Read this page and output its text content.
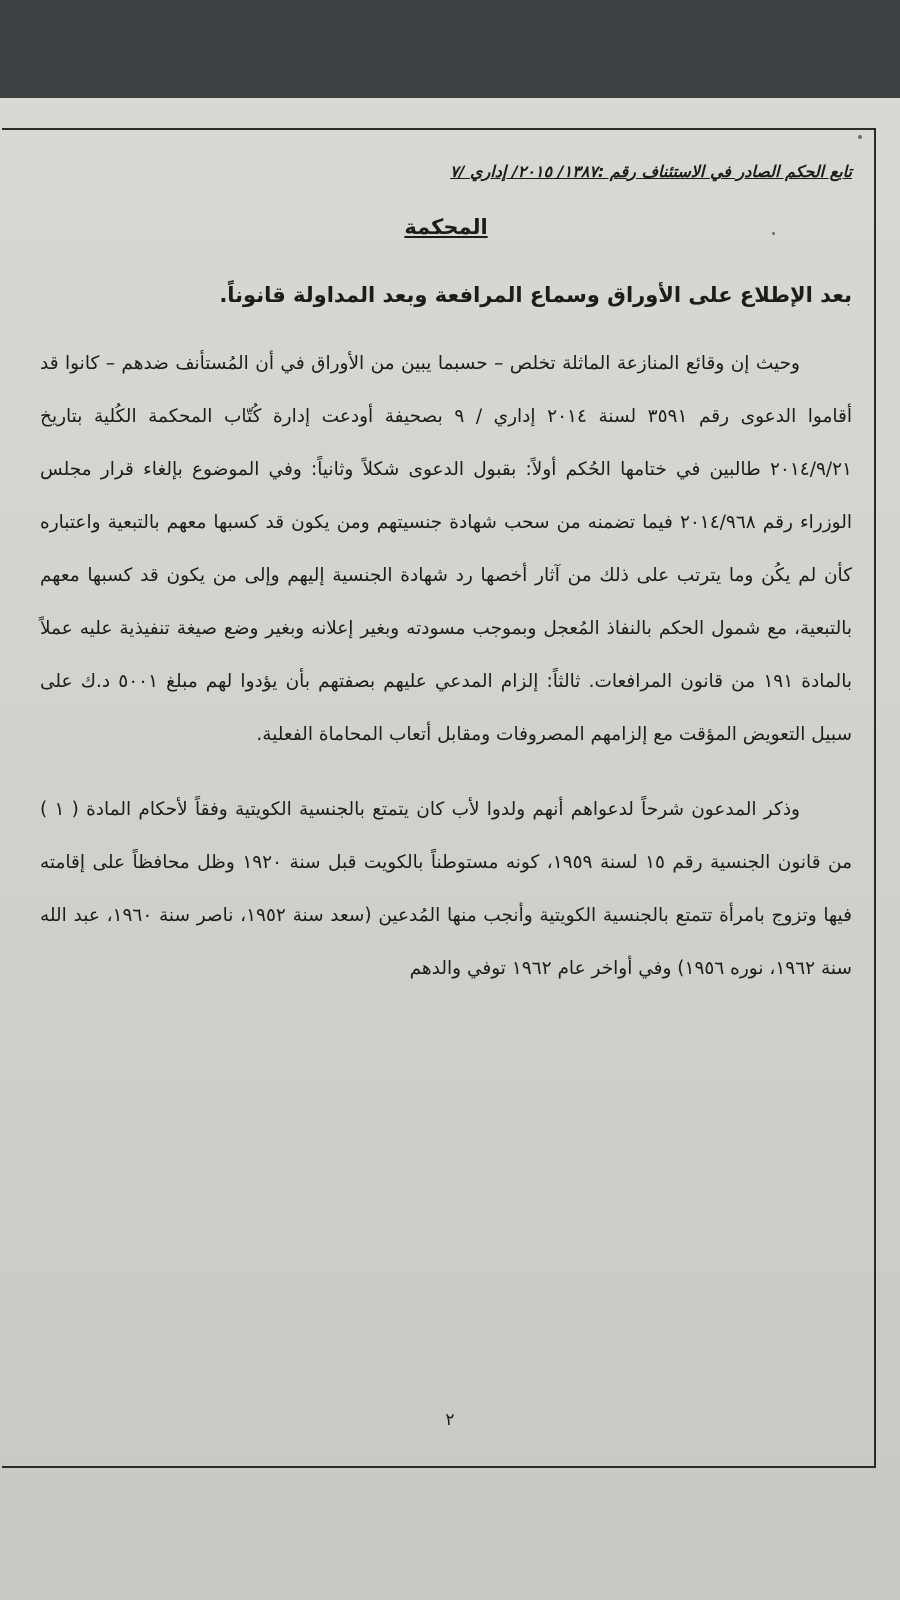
تابع الحكم الصادر في الاستئناف رقم :١٣٨٧/ ٢٠١٥/ إداري /٧
المحكمة
بعد الإطلاع على الأوراق وسماع المرافعة وبعد المداولة قانوناً.

وحيث إن وقائع المنازعة الماثلة تخلص – حسبما يبين من الأوراق في أن المُستأنف ضدهم – كانوا قد أقاموا الدعوى رقم ٣٥٩١ لسنة ٢٠١٤ إداري / ٩ بصحيفة أودعت إدارة كُتّاب المحكمة الكُلية بتاريخ ٢٠١٤/٩/٢١ طالبين في ختامها الحُكم أولاً: بقبول الدعوى شكلاً وثانياً: وفي الموضوع بإلغاء قرار مجلس الوزراء رقم ٢٠١٤/٩٦٨ فيما تضمنه من سحب شهادة جنسيتهم ومن يكون قد كسبها معهم بالتبعية واعتباره كأن لم يكُن وما يترتب على ذلك من آثار أخصها رد شهادة الجنسية إليهم وإلى من يكون قد كسبها معهم بالتبعية، مع شمول الحكم بالنفاذ المُعجل وبموجب مسودته وبغير إعلانه وبغير وضع صيغة تنفيذية عليه عملاً بالمادة ١٩١ من قانون المرافعات. ثالثاً: إلزام المدعي عليهم بصفتهم بأن يؤدوا لهم مبلغ ٥٠٠١ د.ك على سبيل التعويض المؤقت مع إلزامهم المصروفات ومقابل أتعاب المحاماة الفعلية.

وذكر المدعون شرحاً لدعواهم أنهم ولدوا لأب كان يتمتع بالجنسية الكويتية وفقاً لأحكام المادة ( ١ ) من قانون الجنسية رقم ١٥ لسنة ١٩٥٩، كونه مستوطناً بالكويت قبل سنة ١٩٢٠ وظل محافظاً على إقامته فيها وتزوج بامرأة تتمتع بالجنسية الكويتية وأنجب منها المُدعين (سعد سنة ١٩٥٢، ناصر سنة ١٩٦٠، عبد الله سنة ١٩٦٢، نوره ١٩٥٦) وفي أواخر عام ١٩٦٢ توفي والدهم

٢
